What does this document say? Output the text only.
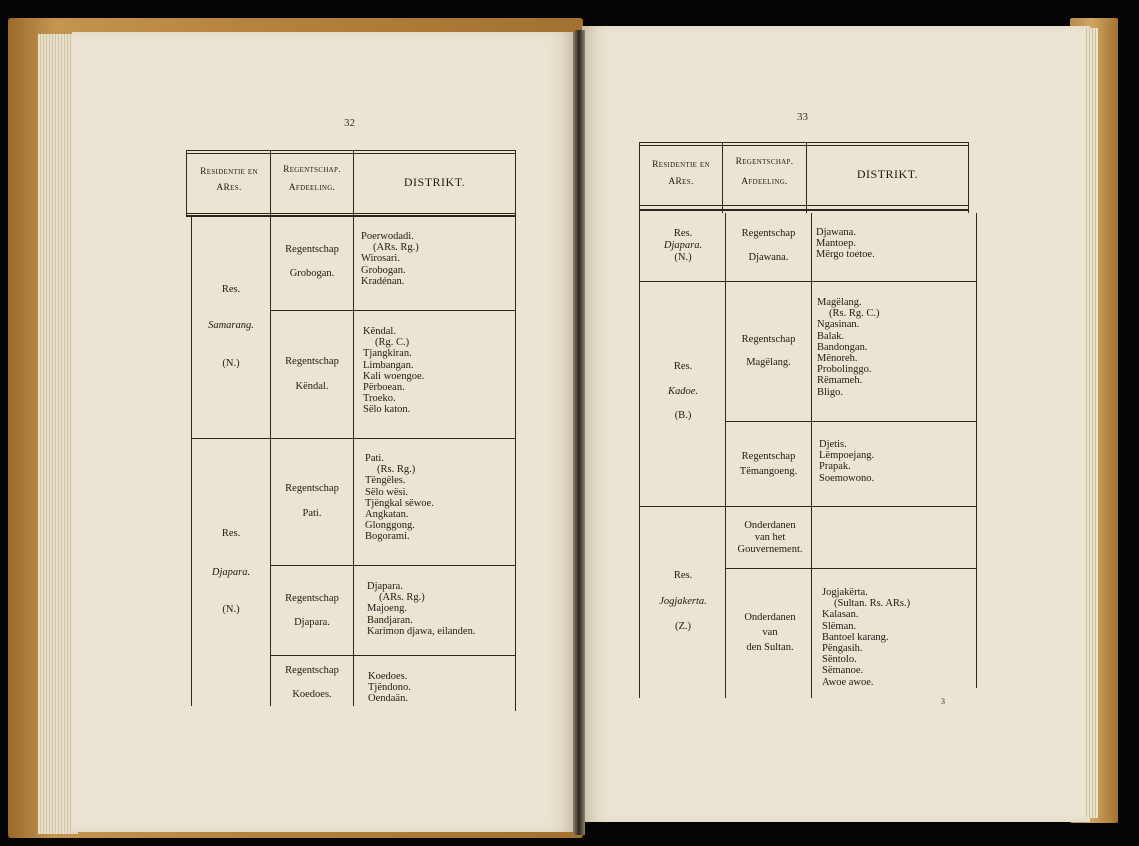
32
Residentie en
ARes.
Regentschap.
Afdeeling.	DISTRIKT.
Res.
Samarang.
(N.)
Res.
Djapara.
(N.)
Regentschap
Grobogan.
Poerwodadi.
(ARs. Rg.)
Wirosari.
Grobogan.
Kradénan.
Regentschap
Këndal.
Këndal.
(Rg. C.)
Tjangkiran.
Limbangan.
Kali woengoe.
Përboean.
Troeko.
Sëlo katon.
Regentschap
Pati.
Pati.
(Rs. Rg.)
Tëngëles.
Sëlo wësi.
Tjëngkal sëwoe.
Angkatan.
Glonggong.
Bogorami.
Regentschap
Djapara.
Djapara.
(ARs. Rg.)
Majoeng.
Bandjaran.
Karimon djawa, eilanden.
Regentschap
Koedoes.
Koedoes.
Tjëndono.
Oendaän.
33
Residentie en
ARes.
Regentschap.
Afdeeling.
DISTRIKT.
Res.
Djapara.
(N.)
Res.
Kadoe.
(B.)
Res.
Jogjakerta.
(Z.)
Regentschap
Djawana.
Djawana.
Mantoep.
Mërgo toetoe.
Regentschap
Magëlang.
Magëlang.
(Rs. Rg. C.)
Ngasinan.
Balak.
Bandongan.
Mënoreh.
Probolinggo.
Rëmameh.
Bligo.
Regentschap
Tëmangoeng.
Djetis.
Lëmpoejang.
Prapak.
Soemowono.
Onderdanen
van het
Gouvernement.
Onderdanen
van
den Sultan.
Jogjakërta.
(Sultan. Rs. ARs.)
Kalasan.
Slëman.
Bantoel karang.
Pëngasih.
Sëntolo.
Sëmanoe.
Awoe awoe.
3
